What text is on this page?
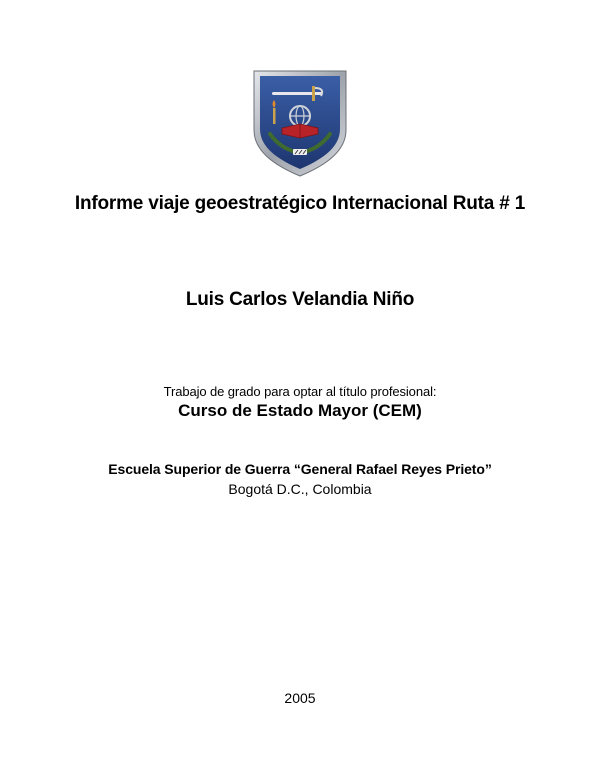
Informe viaje geoestratégico Internacional Ruta # 1
Luis Carlos Velandia Niño
Trabajo de grado para optar al título profesional:
Curso de Estado Mayor (CEM)
Escuela Superior de Guerra “General Rafael Reyes Prieto”
Bogotá D.C., Colombia
2005
